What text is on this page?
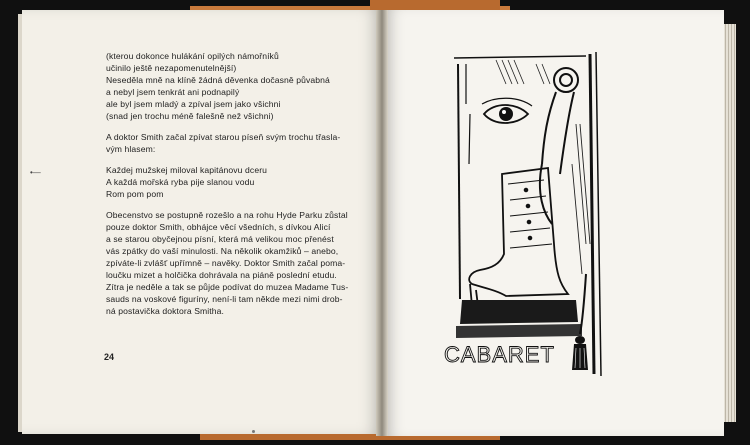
•—

(kterou dokonce hulákání opilých námořníků

učinilo ještě nezapomenutelnější)

Neseděla mně na klíně žádná děvenka dočasně půvabná

a nebyl jsem tenkrát ani podnapilý

ale byl jsem mladý a zpíval jsem jako všichni

(snad jen trochu méně falešně než všichni)

A doktor Smith začal zpívat starou píseň svým trochu třasla-

vým hlasem:

Každej mužskej miloval kapitánovu dceru

A každá mořská ryba pije slanou vodu

Rom pom pom

Obecenstvo se postupně rozešlo a na rohu Hyde Parku zůstal

pouze doktor Smith, obhájce věcí všedních, s dívkou Alicí

a se starou obyčejnou písní, která má velikou moc přenést

vás zpátky do vaší minulosti. Na několik okamžiků – anebo,

zpíváte-li zvlášť upřímně – navěky. Doktor Smith začal poma-

loučku mizet a holčička dohrávala na piáně poslední etudu.

Zítra je neděle a tak se půjde podívat do muzea Madame Tus-

sauds na voskové figuríny, není-li tam někde mezi nimi drob-

ná postavička doktora Smitha.

24	CABARET
